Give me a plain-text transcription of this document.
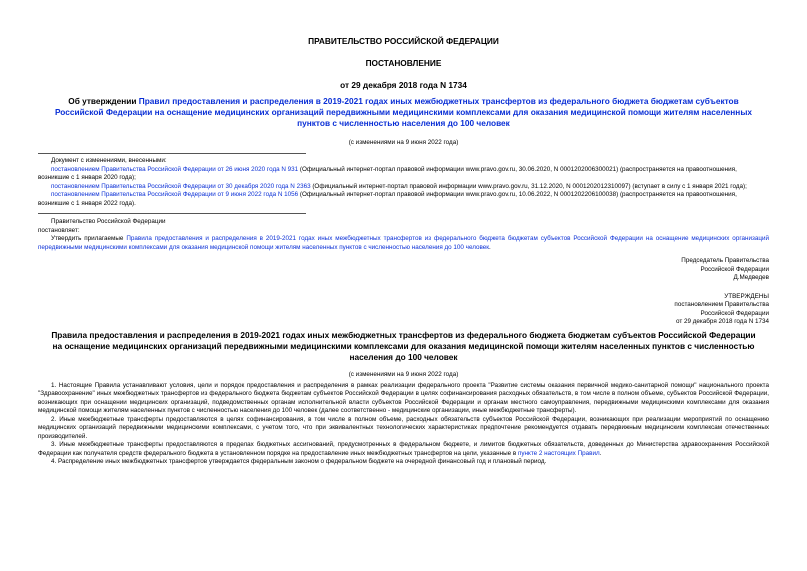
ПРАВИТЕЛЬСТВО РОССИЙСКОЙ ФЕДЕРАЦИИ
ПОСТАНОВЛЕНИЕ
от 29 декабря 2018 года N 1734
Об утверждении Правил предоставления и распределения в 2019-2021 годах иных межбюджетных трансфертов из федерального бюджета бюджетам субъектов Российской Федерации на оснащение медицинских организаций передвижными медицинскими комплексами для оказания медицинской помощи жителям населенных пунктов с численностью населения до 100 человек
(с изменениями на 9 июня 2022 года)

Документ с изменениями, внесенными:

постановлением Правительства Российской Федерации от 26 июня 2020 года N 931 (Официальный интернет-портал правовой информации www.pravo.gov.ru, 30.06.2020, N 0001202006300021) (распространяется на правоотношения, возникшие с 1 января 2020 года);

постановлением Правительства Российской Федерации от 30 декабря 2020 года N 2363 (Официальный интернет-портал правовой информации www.pravo.gov.ru, 31.12.2020, N 0001202012310097) (вступает в силу с 1 января 2021 года);

постановлением Правительства Российской Федерации от 9 июня 2022 года N 1056 (Официальный интернет-портал правовой информации www.pravo.gov.ru, 10.06.2022, N 0001202206100038) (распространяется на правоотношения, возникшие с 1 января 2022 года).

Правительство Российской Федерации

постановляет:

Утвердить прилагаемые Правила предоставления и распределения в 2019-2021 годах иных межбюджетных трансфертов из федерального бюджета бюджетам субъектов Российской Федерации на оснащение медицинских организаций передвижными медицинскими комплексами для оказания медицинской помощи жителям населенных пунктов с численностью населения до 100 человек.

Председатель Правительства

Российской Федерации

Д.Медведев

УТВЕРЖДЕНЫ

постановлением Правительства

Российской Федерации

от 29 декабря 2018 года N 1734

Правила предоставления и распределения в 2019-2021 годах иных межбюджетных трансфертов из федерального бюджета бюджетам субъектов Российской Федерации на оснащение медицинских организаций передвижными медицинскими комплексами для оказания медицинской помощи жителям населенных пунктов с численностью населения до 100 человек
(с изменениями на 9 июня 2022 года)

1. Настоящие Правила устанавливают условия, цели и порядок предоставления и распределения в рамках реализации федерального проекта "Развитие системы оказания первичной медико-санитарной помощи" национального проекта "Здравоохранение" иных межбюджетных трансфертов из федерального бюджета бюджетам субъектов Российской Федерации в целях софинансирования расходных обязательств, в том числе в полном объеме, субъектов Российской Федерации, возникающих при оснащении медицинских организаций, подведомственных органам исполнительной власти субъектов Российской Федерации и органам местного самоуправления, передвижными медицинскими комплексами для оказания медицинской помощи жителям населенных пунктов с численностью населения до 100 человек (далее соответственно - медицинские организации, иные межбюджетные трансферты).

2. Иные межбюджетные трансферты предоставляются в целях софинансирования, в том числе в полном объеме, расходных обязательств субъектов Российской Федерации, возникающих при реализации мероприятий по оснащению медицинских организаций передвижными медицинскими комплексами, с учетом того, что при эквивалентных технологических характеристиках предпочтение рекомендуется отдавать передвижным медицинским комплексам отечественных производителей.

3. Иные межбюджетные трансферты предоставляются в пределах бюджетных ассигнований, предусмотренных в федеральном бюджете, и лимитов бюджетных обязательств, доведенных до Министерства здравоохранения Российской Федерации как получателя средств федерального бюджета в установленном порядке на предоставление иных межбюджетных трансфертов на цели, указанные в пункте 2 настоящих Правил.

4. Распределение иных межбюджетных трансфертов утверждается федеральным законом о федеральном бюджете на очередной финансовый год и плановый период.
